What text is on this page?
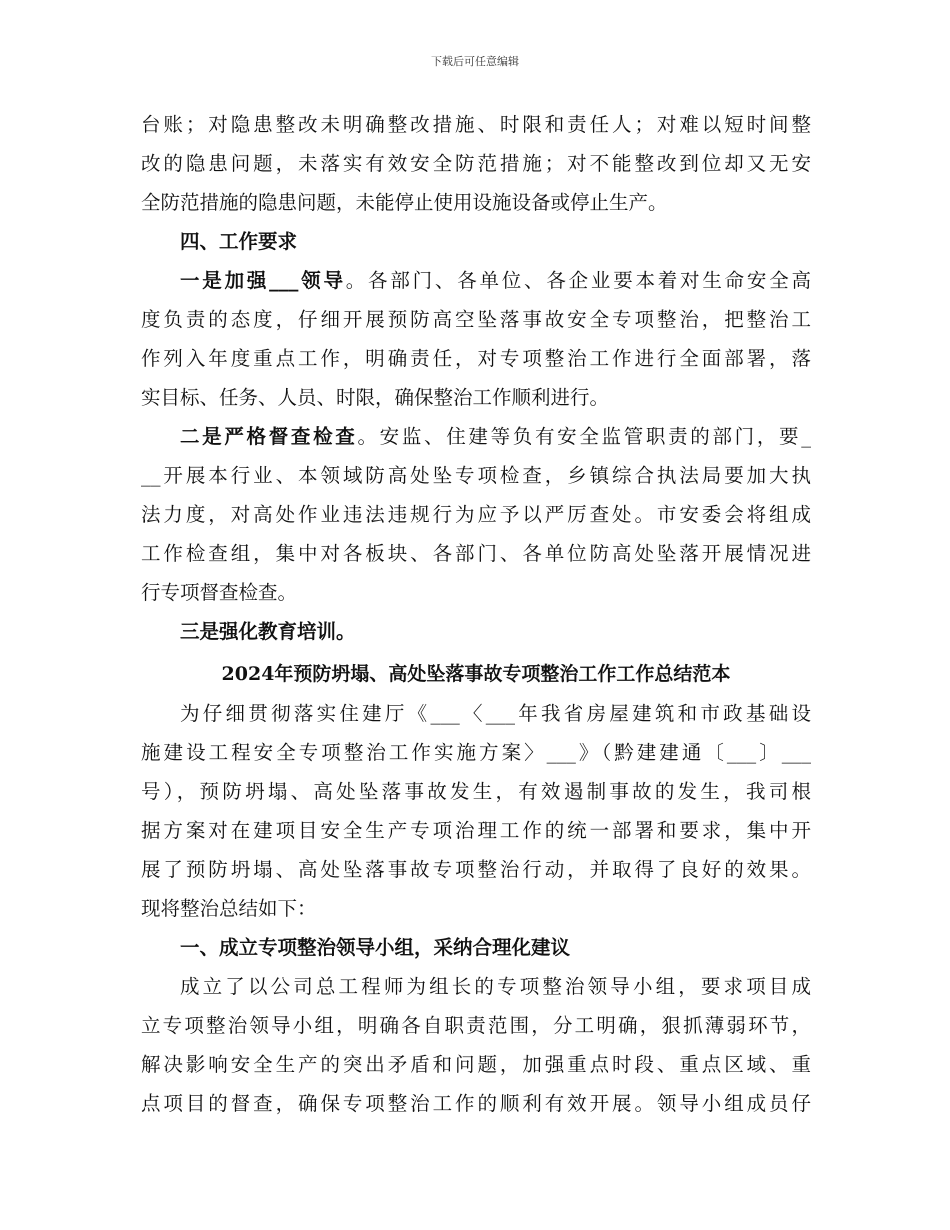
下载后可任意编辑
台账；对隐患整改未明确整改措施、时限和责任人；对难以短时间整
改的隐患问题，未落实有效安全防范措施；对不能整改到位却又无安
全防范措施的隐患问题，未能停止使用设施设备或停止生产。
四、工作要求
一是加强___领导。各部门、各单位、各企业要本着对生命安全高
度负责的态度，仔细开展预防高空坠落事故安全专项整治，把整治工
作列入年度重点工作，明确责任，对专项整治工作进行全面部署，落
实目标、任务、人员、时限，确保整治工作顺利进行。
二是严格督查检查。安监、住建等负有安全监管职责的部门，要_
__开展本行业、本领域防高处坠专项检查，乡镇综合执法局要加大执
法力度，对高处作业违法违规行为应予以严厉查处。市安委会将组成
工作检查组，集中对各板块、各部门、各单位防高处坠落开展情况进
行专项督查检查。
三是强化教育培训。
2024年预防坍塌、高处坠落事故专项整治工作工作总结范本
为仔细贯彻落实住建厅《___〈___年我省房屋建筑和市政基础设
施建设工程安全专项整治工作实施方案〉___》（黔建建通〔___〕___
号），预防坍塌、高处坠落事故发生，有效遏制事故的发生，我司根
据方案对在建项目安全生产专项治理工作的统一部署和要求，集中开
展了预防坍塌、高处坠落事故专项整治行动，并取得了良好的效果。
现将整治总结如下：
一、成立专项整治领导小组，采纳合理化建议
成立了以公司总工程师为组长的专项整治领导小组，要求项目成
立专项整治领导小组，明确各自职责范围，分工明确，狠抓薄弱环节，
解决影响安全生产的突出矛盾和问题，加强重点时段、重点区域、重
点项目的督查，确保专项整治工作的顺利有效开展。领导小组成员仔
